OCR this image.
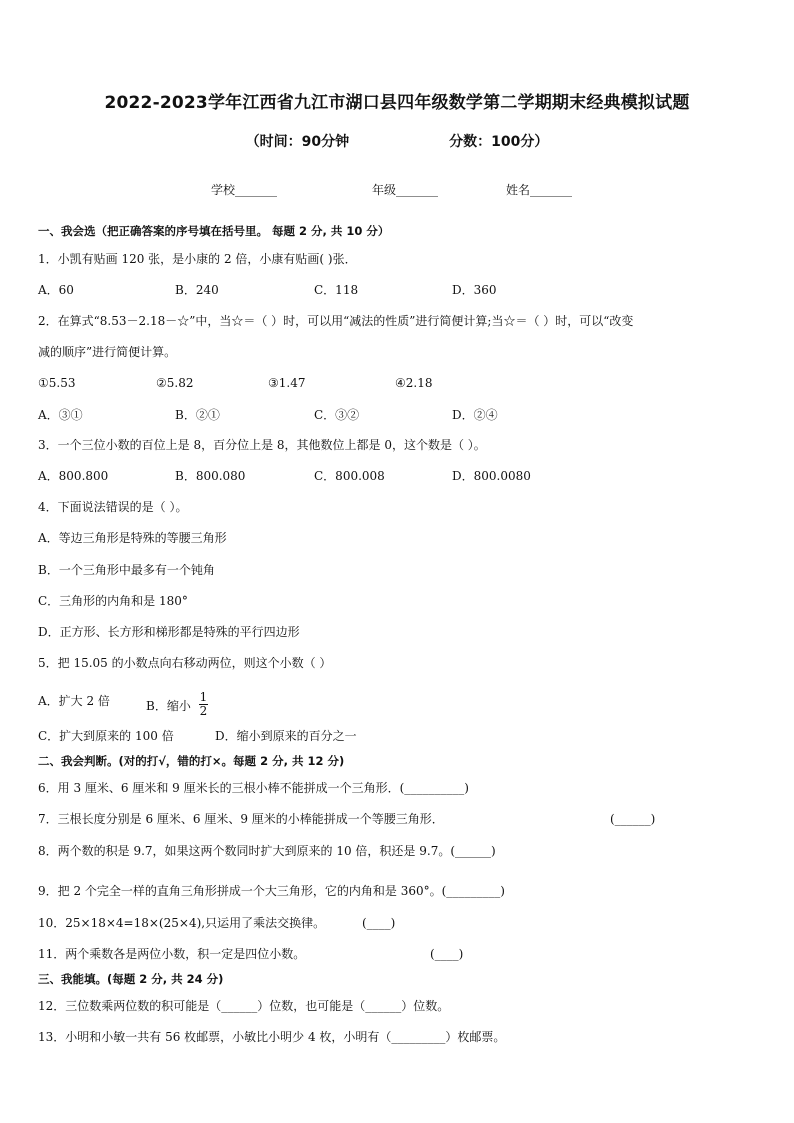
2022-2023学年江西省九江市湖口县四年级数学第二学期期末经典模拟试题
（时间：90分钟	分数：100分）
学校_______	年级_______	姓名_______
一、我会选（把正确答案的序号填在括号里。 每题 2 分, 共 10 分）
1．小凯有贴画 120 张，是小康的 2 倍，小康有贴画( )张．
A．60	B．240	C．118	D．360
2．在算式“8.53－2.18－☆”中，当☆＝（ ）时，可以用“减法的性质”进行简便计算;当☆＝（ ）时，可以“改变
减的顺序”进行简便计算。
①5.53	②5.82	③1.47	④2.18
A．③①	B．②①	C．③②	D．②④
3．一个三位小数的百位上是 8，百分位上是 8，其他数位上都是 0，这个数是（ ）。
A．800.800	B．800.080	C．800.008	D．800.0080
4．下面说法错误的是（ ）。
A．等边三角形是特殊的等腰三角形
B．一个三角形中最多有一个钝角
C．三角形的内角和是 180°
D．正方形、长方形和梯形都是特殊的平行四边形
5．把 15.05 的小数点向右移动两位，则这个小数（ ）
A．扩大 2 倍	B．缩小 $\frac{1}{2}$
C．扩大到原来的 100 倍	D．缩小到原来的百分之一
二、我会判断。(对的打√，错的打×。每题 2 分, 共 12 分)
6．用 3 厘米、6 厘米和 9 厘米长的三根小棒不能拼成一个三角形．(__________)
7．三根长度分别是 6 厘米、6 厘米、9 厘米的小棒能拼成一个等腰三角形．	(______)
8．两个数的积是 9.7，如果这两个数同时扩大到原来的 10 倍，积还是 9.7。(______)
9．把 2 个完全一样的直角三角形拼成一个大三角形，它的内角和是 360°。(_________)
10．25×18×4=18×(25×4),只运用了乘法交换律。	(____)
11．两个乘数各是两位小数，积一定是四位小数。	(____)
三、我能填。(每题 2 分, 共 24 分)
12．三位数乘两位数的积可能是（______）位数，也可能是（______）位数。
13．小明和小敏一共有 56 枚邮票，小敏比小明少 4 枚，小明有（_________）枚邮票。
